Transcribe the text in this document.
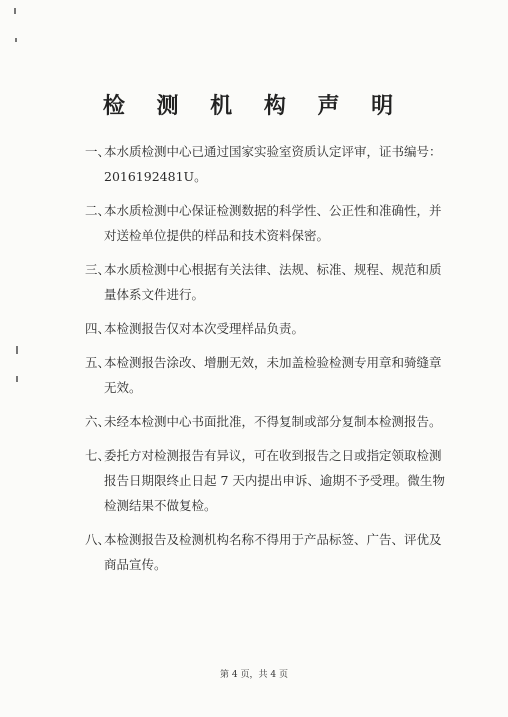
检 测 机 构 声 明
一、
本水质检测中心已通过国家实验室资质认定评审，证书编号：2016192481U。
二、
本水质检测中心保证检测数据的科学性、公正性和准确性，并对送检单位提供的样品和技术资料保密。
三、
本水质检测中心根据有关法律、法规、标准、规程、规范和质量体系文件进行。
四、
本检测报告仅对本次受理样品负责。
五、
本检测报告涂改、增删无效，未加盖检验检测专用章和骑缝章无效。
六、
未经本检测中心书面批准，不得复制或部分复制本检测报告。
七、
委托方对检测报告有异议，可在收到报告之日或指定领取检测报告日期限终止日起 7 天内提出申诉、逾期不予受理。微生物检测结果不做复检。
八、
本检测报告及检测机构名称不得用于产品标签、广告、评优及商品宣传。
第 4 页，共 4 页
